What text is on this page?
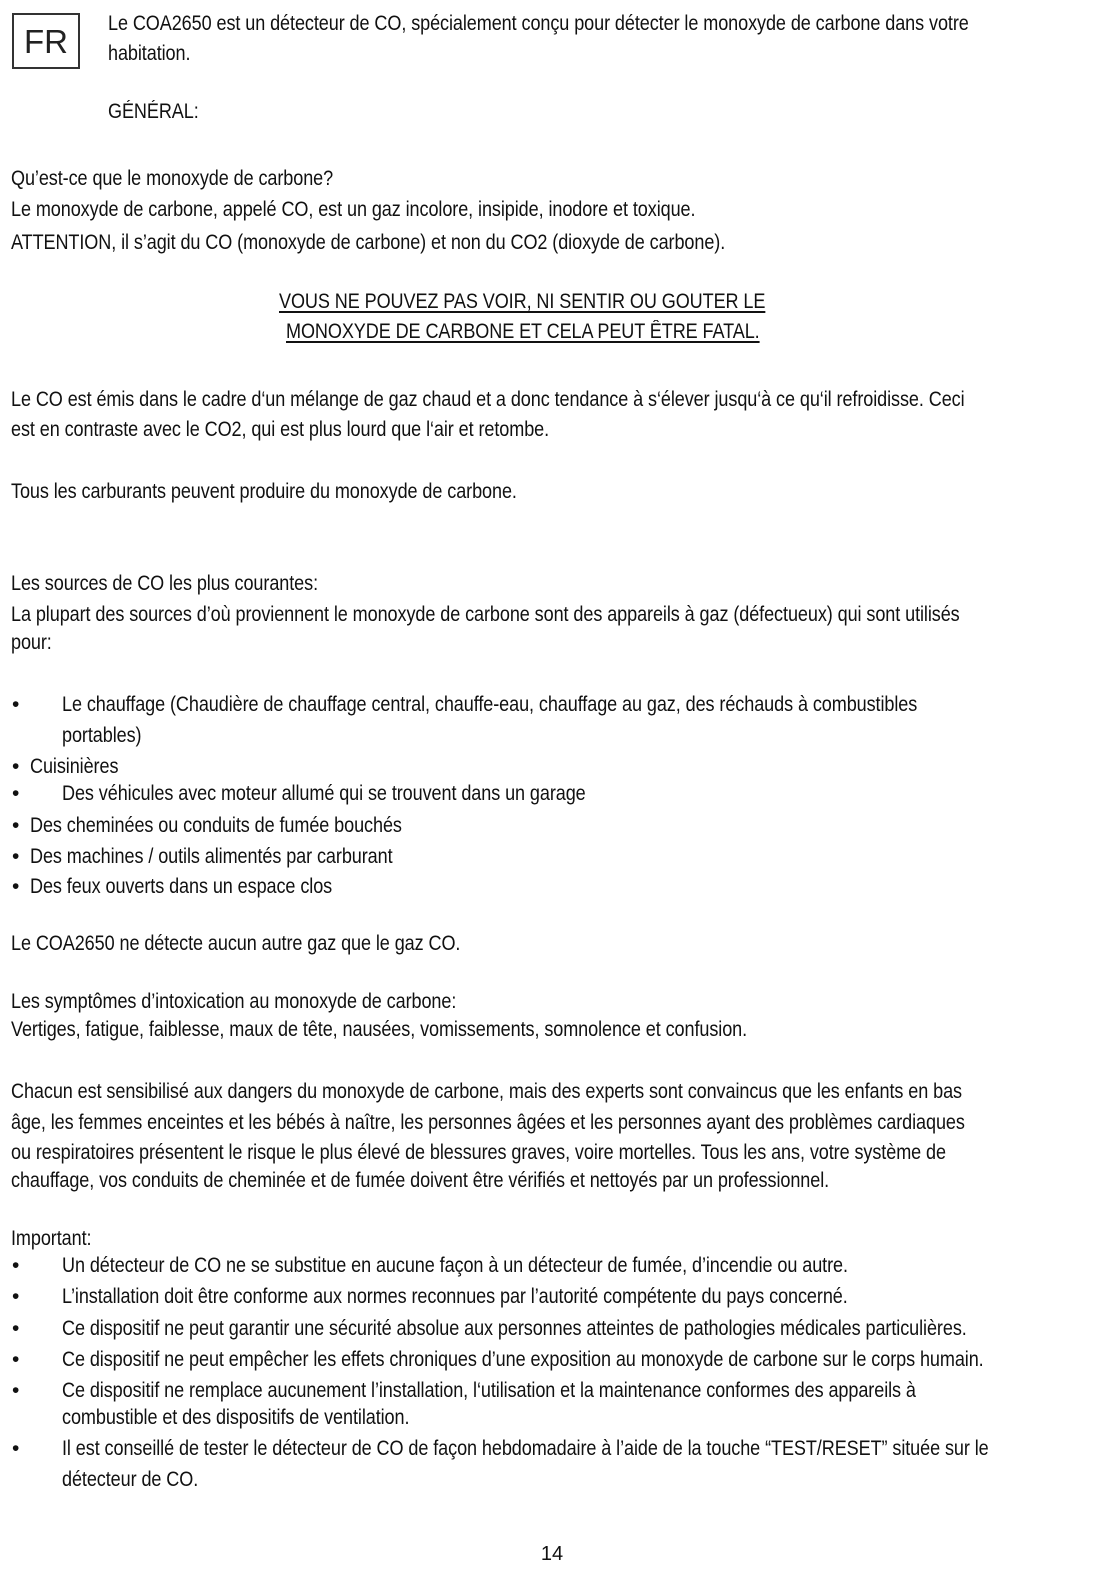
FR	Le COA2650 est un détecteur de CO, spécialement conçu pour détecter le monoxyde de carbone dans votre
habitation.
GÉNÉRAL:
Qu’est-ce que le monoxyde de carbone?
Le monoxyde de carbone, appelé CO, est un gaz incolore, insipide, inodore et toxique.
ATTENTION, il s’agit du CO (monoxyde de carbone) et non du CO2 (dioxyde de carbone).
VOUS NE POUVEZ PAS VOIR, NI SENTIR OU GOUTER LE
MONOXYDE DE CARBONE ET CELA PEUT ÊTRE FATAL.
Le CO est émis dans le cadre d‘un mélange de gaz chaud et a donc tendance à s‘élever jusqu‘à ce qu‘il refroidisse. Ceci
est en contraste avec le CO2, qui est plus lourd que l‘air et retombe.
Tous les carburants peuvent produire du monoxyde de carbone.
Les sources de CO les plus courantes:
La plupart des sources d’où proviennent le monoxyde de carbone sont des appareils à gaz (défectueux) qui sont utilisés
pour:
• Le chauffage (Chaudière de chauffage central, chauffe-eau, chauffage au gaz, des réchauds à combustibles
portables)
• Cuisinières
• Des véhicules avec moteur allumé qui se trouvent dans un garage
• Des cheminées ou conduits de fumée bouchés
• Des machines / outils alimentés par carburant
• Des feux ouverts dans un espace clos
Le COA2650 ne détecte aucun autre gaz que le gaz CO.
Les symptômes d’intoxication au monoxyde de carbone:
Vertiges, fatigue, faiblesse, maux de tête, nausées, vomissements, somnolence et confusion.
Chacun est sensibilisé aux dangers du monoxyde de carbone, mais des experts sont convaincus que les enfants en bas
âge, les femmes enceintes et les bébés à naître, les personnes âgées et les personnes ayant des problèmes cardiaques
ou respiratoires présentent le risque le plus élevé de blessures graves, voire mortelles. Tous les ans, votre système de
chauffage, vos conduits de cheminée et de fumée doivent être vérifiés et nettoyés par un professionnel.
Important:
• Un détecteur de CO ne se substitue en aucune façon à un détecteur de fumée, d’incendie ou autre.
• L’installation doit être conforme aux normes reconnues par l’autorité compétente du pays concerné.
• Ce dispositif ne peut garantir une sécurité absolue aux personnes atteintes de pathologies médicales particulières.
• Ce dispositif ne peut empêcher les effets chroniques d’une exposition au monoxyde de carbone sur le corps humain.
• Ce dispositif ne remplace aucunement l’installation, l‘utilisation et la maintenance conformes des appareils à
combustible et des dispositifs de ventilation.
• Il est conseillé de tester le détecteur de CO de façon hebdomadaire à l’aide de la touche “TEST/RESET” située sur le
détecteur de CO.
14
